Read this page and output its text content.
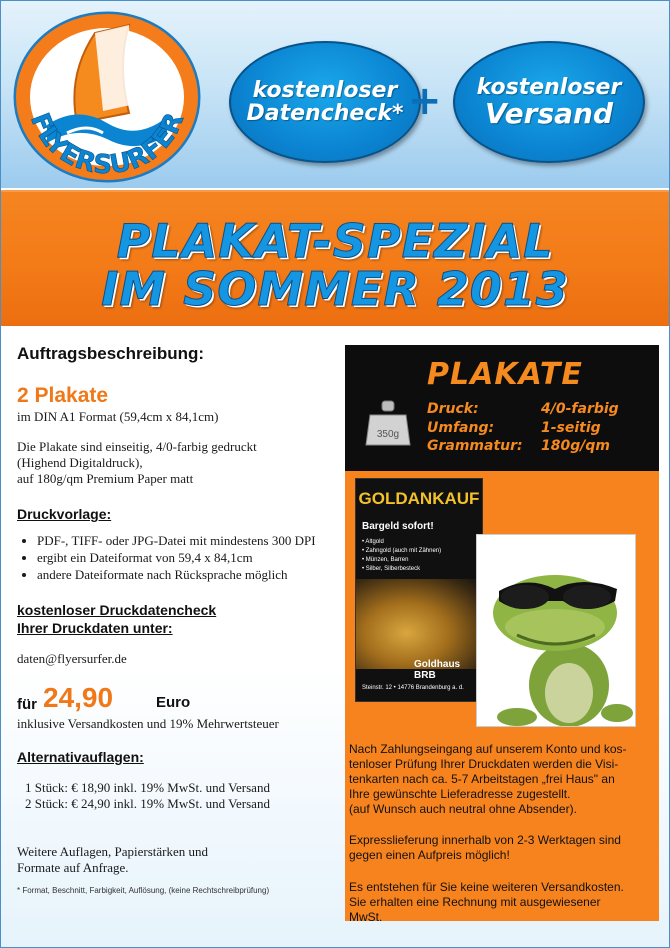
FLYERSURFER
kostenloser
Datencheck* + kostenloser
Versand
PLAKAT-SPEZIAL
IM SOMMER 2013
Auftragsbeschreibung:
2 Plakate
im DIN A1 Format (59,4cm x 84,1cm)
Die Plakate sind einseitig, 4/0-farbig gedruckt
(Highend Digitaldruck),
auf 180g/qm Premium Paper matt
Druckvorlage:
• PDF-, TIFF- oder JPG-Datei mit mindestens 300 DPI
• ergibt ein Dateiformat von 59,4 x 84,1cm
• andere Dateiformate nach Rücksprache möglich
kostenloser Druckdatencheck
Ihrer Druckdaten unter:
daten@flyersurfer.de
für 24,90	Euro
inklusive Versandkosten und 19% Mehrwertsteuer
Alternativauflagen:
1 Stück: € 18,90 inkl. 19% MwSt. und Versand
2 Stück: € 24,90 inkl. 19% MwSt. und Versand
Weitere Auflagen, Papierstärken und
Formate auf Anfrage.
* Format, Beschnitt, Farbigkeit, Auflösung, (keine Rechtschreibprüfung)
350g
PLAKATE
Druck:	4/0-farbig
Umfang:	1-seitig
Grammatur: 180g/qm
GOLDANKAUF
Bargeld sofort!
• Altgold
• Zahngold (auch mit Zähnen)
• Münzen, Barren
• Silber, Silberbesteck
Goldhaus BRB
Steinstr. 12 • 14776 Brandenburg a. d.
Nach Zahlungseingang auf unserem Konto und kos-
tenloser Prüfung Ihrer Druckdaten werden die Visi-
tenkarten nach ca. 5-7 Arbeitstagen „frei Haus" an
Ihre gewünschte Lieferadresse zugestellt.
(auf Wunsch auch neutral ohne Absender).
Expresslieferung innerhalb von 2-3 Werktagen sind
gegen einen Aufpreis möglich!
Es entstehen für Sie keine weiteren Versandkosten.
Sie erhalten eine Rechnung mit ausgewiesener
MwSt.
